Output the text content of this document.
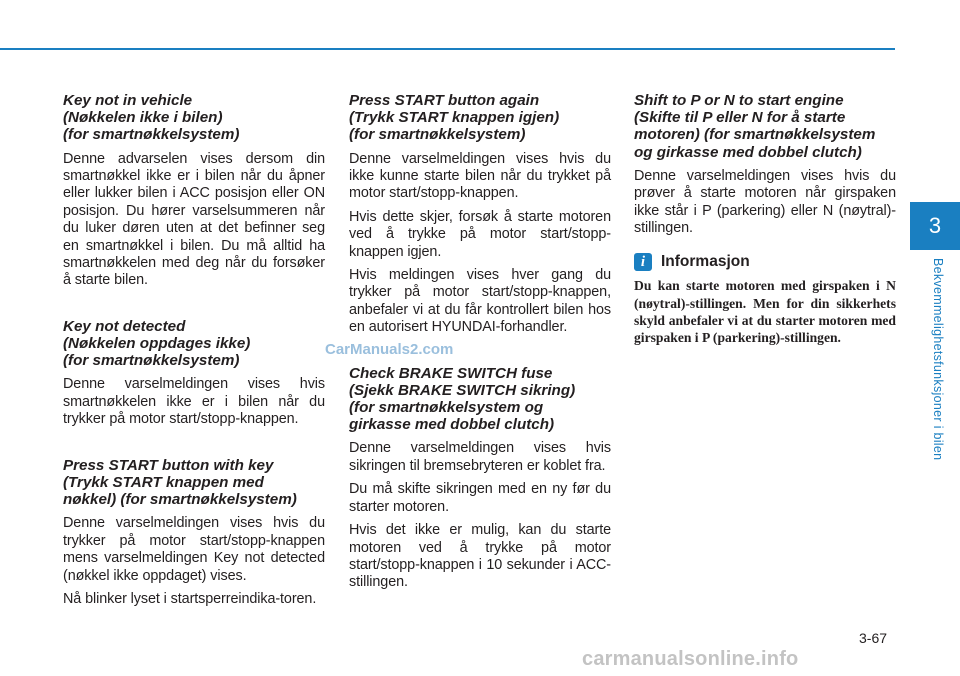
3
Bekvemmelighetsfunksjoner i bilen
Key not in vehicle
(Nøkkelen ikke i bilen)
(for smartnøkkelsystem)

Denne advarselen vises dersom din smartnøkkel ikke er i bilen når du åpner eller lukker bilen i ACC posisjon eller ON posisjon. Du hører varselsummeren når du luker døren uten at det befinner seg en smartnøkkel i bilen. Du må alltid ha smartnøkkelen med deg når du forsøker å starte bilen.

Key not detected
(Nøkkelen oppdages ikke)
(for smartnøkkelsystem)

Denne varselmeldingen vises hvis smartnøkkelen ikke er i bilen når du trykker på motor start/stopp-knappen.

Press START button with key
(Trykk START knappen med
nøkkel) (for smartnøkkelsystem)

Denne varselmeldingen vises hvis du trykker på motor start/stopp-knappen mens varselmeldingen Key not detected (nøkkel ikke oppdaget) vises.

Nå blinker lyset i startsperreindika-toren.

Press START button again
(Trykk START knappen igjen)
(for smartnøkkelsystem)

Denne varselmeldingen vises hvis du ikke kunne starte bilen når du trykket på motor start/stopp-knappen.

Hvis dette skjer, forsøk å starte motoren ved å trykke på motor start/stopp-knappen igjen.

Hvis meldingen vises hver gang du trykker på motor start/stopp-knappen, anbefaler vi at du får kontrollert bilen hos en autorisert HYUNDAI-forhandler.

Check BRAKE SWITCH fuse
(Sjekk BRAKE SWITCH sikring)
(for smartnøkkelsystem og
girkasse med dobbel clutch)

Denne varselmeldingen vises hvis sikringen til bremsebryteren er koblet fra.

Du må skifte sikringen med en ny før du starter motoren.

Hvis det ikke er mulig, kan du starte motoren ved å trykke på motor start/stopp-knappen i 10 sekunder i ACC-stillingen.

Shift to P or N to start engine
(Skifte til P eller N for å starte
motoren) (for smartnøkkelsystem
og girkasse med dobbel clutch)

Denne varselmeldingen vises hvis du prøver å starte motoren når girspaken ikke står i P (parkering) eller N (nøytral)-stillingen.

i	Informasjon

Du kan starte motoren med girspaken i N (nøytral)-stillingen. Men for din sikkerhets skyld anbefaler vi at du starter motoren med girspaken i P (parkering)-stillingen.

CarManuals2.com
3-67
carmanualsonline.info
